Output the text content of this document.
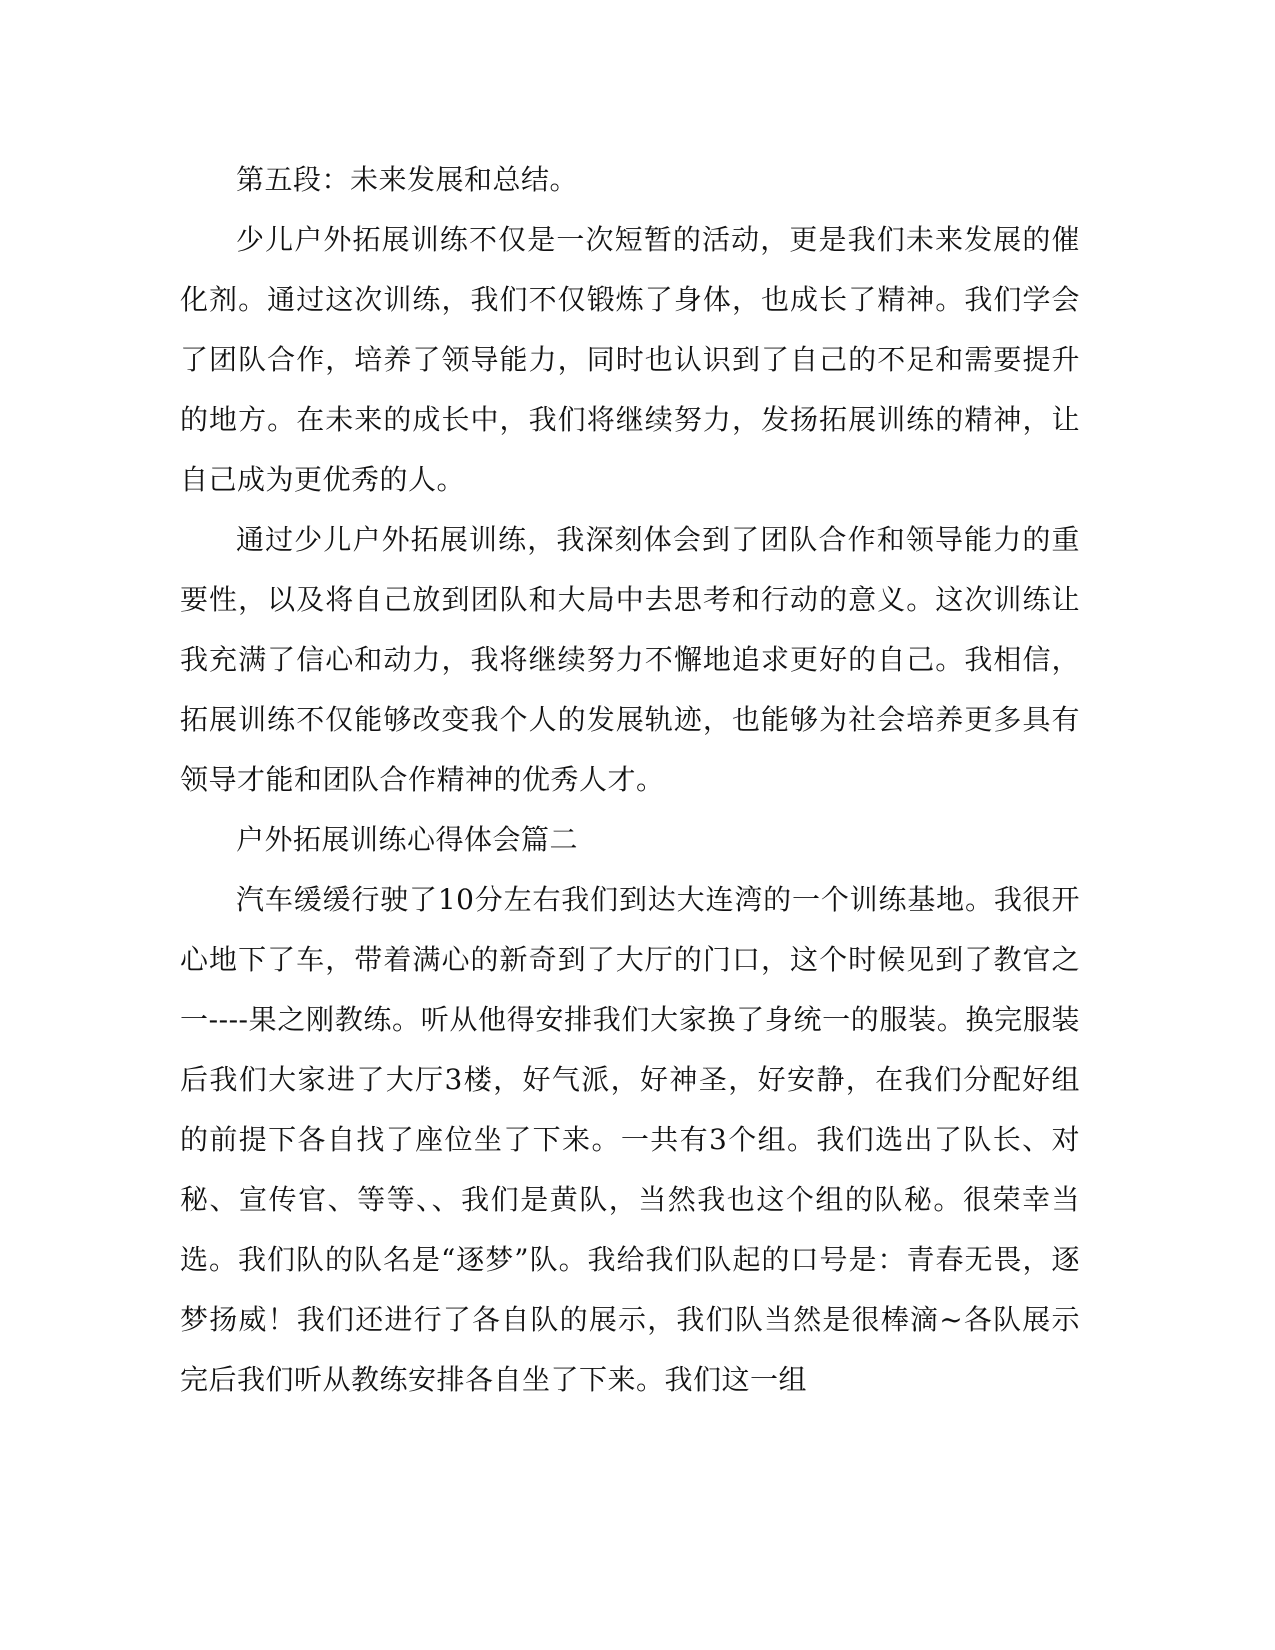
第五段：未来发展和总结。

少儿户外拓展训练不仅是一次短暂的活动，更是我们未来发展的催化剂。通过这次训练，我们不仅锻炼了身体，也成长了精神。我们学会了团队合作，培养了领导能力，同时也认识到了自己的不足和需要提升的地方。在未来的成长中，我们将继续努力，发扬拓展训练的精神，让自己成为更优秀的人。

通过少儿户外拓展训练，我深刻体会到了团队合作和领导能力的重要性，以及将自己放到团队和大局中去思考和行动的意义。这次训练让我充满了信心和动力，我将继续努力不懈地追求更好的自己。我相信，拓展训练不仅能够改变我个人的发展轨迹，也能够为社会培养更多具有领导才能和团队合作精神的优秀人才。

户外拓展训练心得体会篇二

汽车缓缓行驶了10分左右我们到达大连湾的一个训练基地。我很开心地下了车，带着满心的新奇到了大厅的门口，这个时候见到了教官之一----果之刚教练。听从他得安排我们大家换了身统一的服装。换完服装后我们大家进了大厅3楼，好气派，好神圣，好安静，在我们分配好组的前提下各自找了座位坐了下来。一共有3个组。我们选出了队长、对秘、宣传官、等等、、我们是黄队，当然我也这个组的队秘。很荣幸当选。我们队的队名是“逐梦”队。我给我们队起的口号是：青春无畏，逐梦扬威！我们还进行了各自队的展示，我们队当然是很棒滴~各队展示完后我们听从教练安排各自坐了下来。我们这一组
